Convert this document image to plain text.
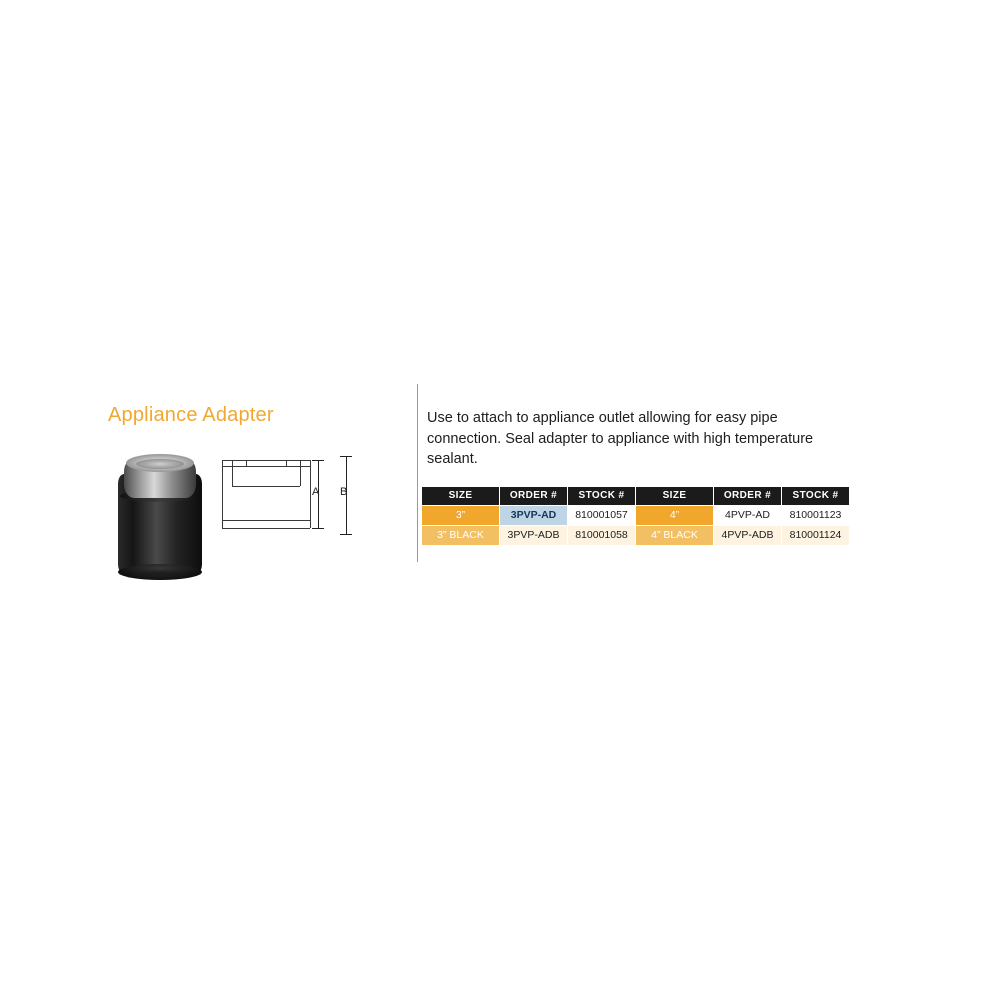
Appliance Adapter
A B
Use to attach to appliance outlet allowing for easy pipe connection. Seal adapter to appliance with high temperature sealant.
SIZE	ORDER #	STOCK #	SIZE	ORDER #	STOCK #
3”	3PVP-AD	810001057	4”	4PVP-AD	810001123
3” BLACK	3PVP-ADB	810001058	4” BLACK	4PVP-ADB	810001124
